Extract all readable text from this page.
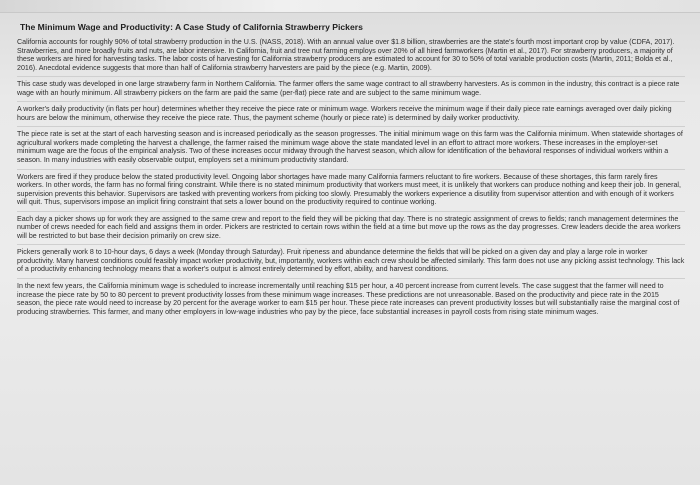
The Minimum Wage and Productivity: A Case Study of California Strawberry Pickers

California accounts for roughly 90% of total strawberry production in the U.S. (NASS, 2018). With an annual value over $1.8 billion, strawberries are the state's fourth most important crop by value (CDFA, 2017). Strawberries, and more broadly fruits and nuts, are labor intensive. In California, fruit and tree nut farming employs over 20% of all hired farmworkers (Martin et al., 2017). For strawberry producers, a majority of these workers are hired for harvesting tasks. The labor costs of harvesting for California strawberry producers are estimated to account for 30 to 50% of total variable production costs (Martin, 2011; Bolda et al., 2016). Anecdotal evidence suggests that more than half of California strawberry harvesters are paid by the piece (e.g. Martin, 2009).

This case study was developed in one large strawberry farm in Northern California. The farmer offers the same wage contract to all strawberry harvesters. As is common in the industry, this contract is a piece rate wage with an hourly minimum. All strawberry pickers on the farm are paid the same (per-flat) piece rate and are subject to the same minimum wage.

A worker's daily productivity (in flats per hour) determines whether they receive the piece rate or minimum wage. Workers receive the minimum wage if their daily piece rate earnings averaged over daily picking hours are below the minimum, otherwise they receive the piece rate. Thus, the payment scheme (hourly or piece rate) is determined by daily worker productivity.

The piece rate is set at the start of each harvesting season and is increased periodically as the season progresses. The initial minimum wage on this farm was the California minimum. When statewide shortages of agricultural workers made completing the harvest a challenge, the farmer raised the minimum wage above the state mandated level in an effort to attract more workers. These increases in the employer-set minimum wage are the focus of the empirical analysis. Two of these increases occur midway through the harvest season, which allow for identification of the behavioral responses of individual workers within a season. In many industries with easily observable output, employers set a minimum productivity standard.

Workers are fired if they produce below the stated productivity level. Ongoing labor shortages have made many California farmers reluctant to fire workers. Because of these shortages, this farm rarely fires workers. In other words, the farm has no formal firing constraint. While there is no stated minimum productivity that workers must meet, it is unlikely that workers can produce nothing and keep their job. In general, supervision prevents this behavior. Supervisors are tasked with preventing workers from picking too slowly. Presumably the workers experience a disutility from supervisor attention and with enough of it workers will quit. Thus, supervisors impose an implicit firing constraint that sets a lower bound on the productivity required to continue working.

Each day a picker shows up for work they are assigned to the same crew and report to the field they will be picking that day. There is no strategic assignment of crews to fields; ranch management determines the number of crews needed for each field and assigns them in order. Pickers are restricted to certain rows within the field at a time but move up the rows as the day progresses. Crew leaders decide the area workers will be restricted to but base their decision primarily on crew size.

Pickers generally work 8 to 10-hour days, 6 days a week (Monday through Saturday). Fruit ripeness and abundance determine the fields that will be picked on a given day and play a large role in worker productivity. Many harvest conditions could feasibly impact worker productivity, but, importantly, workers within each crew should be affected similarly. This farm does not use any picking assist technology. This lack of a productivity enhancing technology means that a worker's output is almost entirely determined by effort, ability, and harvest conditions.

In the next few years, the California minimum wage is scheduled to increase incrementally until reaching $15 per hour, a 40 percent increase from current levels. The case suggest that the farmer will need to increase the piece rate by 50 to 80 percent to prevent productivity losses from these minimum wage increases. These predictions are not unreasonable. Based on the productivity and piece rate in the 2015 season, the piece rate would need to increase by 20 percent for the average worker to earn $15 per hour. These piece rate increases can prevent productivity losses but will substantially raise the marginal cost of producing strawberries. This farmer, and many other employers in low-wage industries who pay by the piece, face substantial increases in payroll costs from rising state minimum wages.
